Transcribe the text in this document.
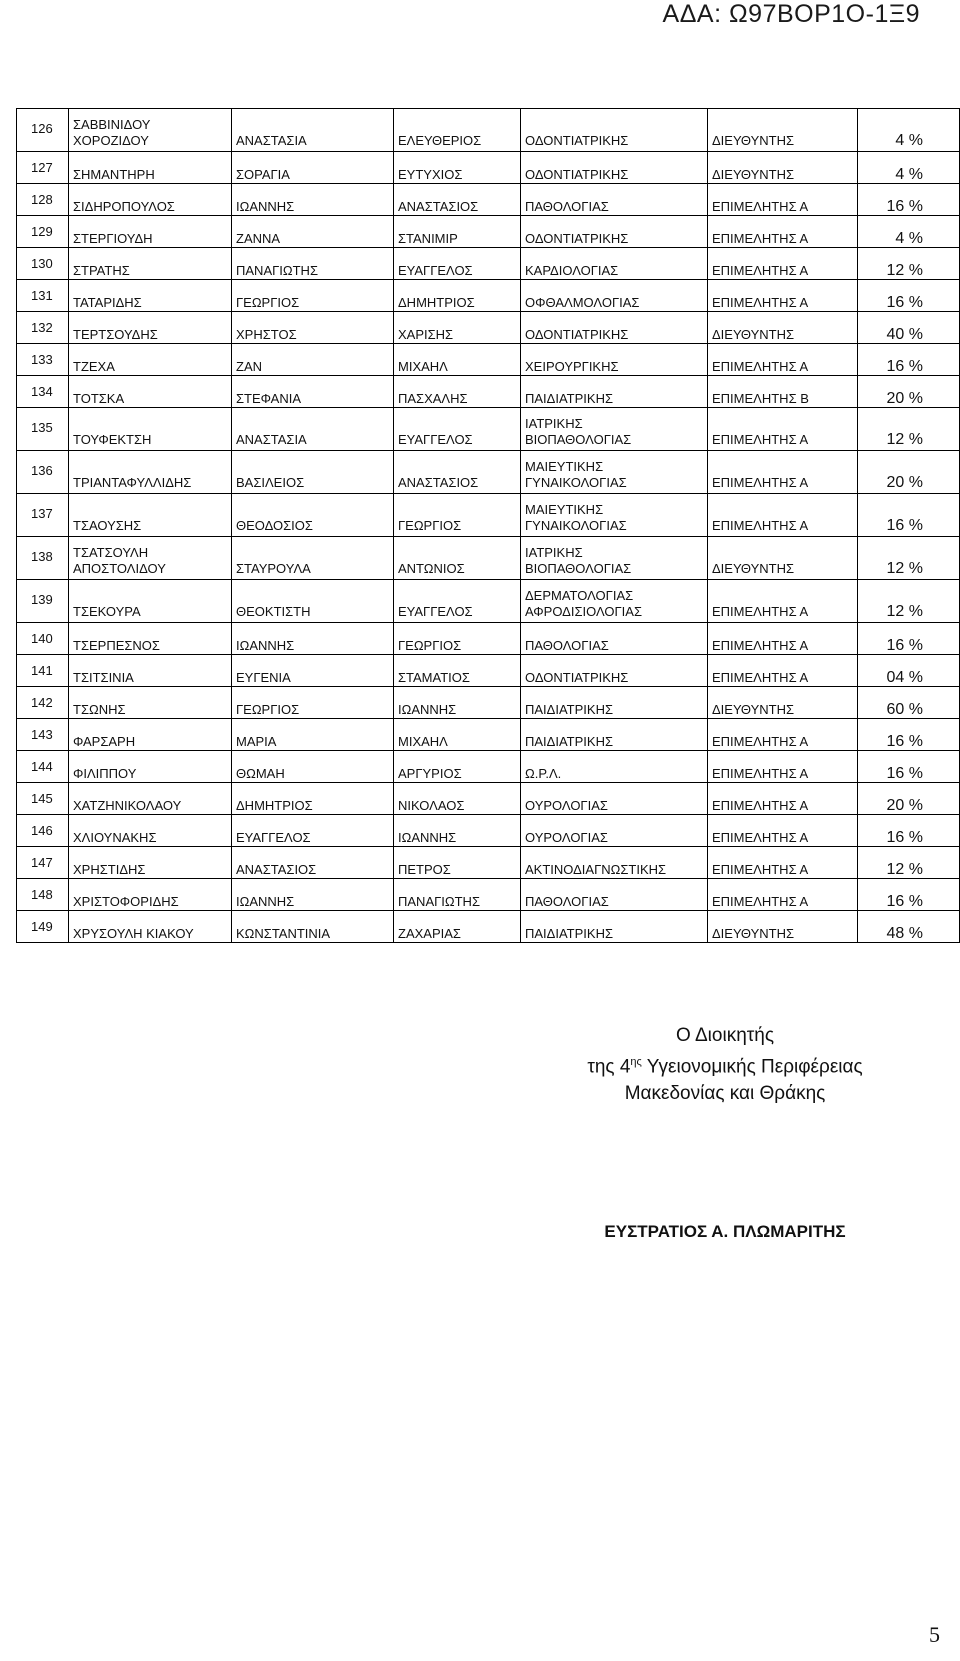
ΑΔΑ: Ω97ΒΟΡ1Ο-1Ξ9
126	ΣΑΒΒΙΝΙΔΟΥ
ΧΟΡΟΖΙΔΟΥ	ΑΝΑΣΤΑΣΙΑ	ΕΛΕΥΘΕΡΙΟΣ	ΟΔΟΝΤΙΑΤΡΙΚΗΣ	ΔΙΕΥΘΥΝΤΗΣ	4 %
127	ΣΗΜΑΝΤΗΡΗ	ΣΟΡΑΓΙΑ	ΕΥΤΥΧΙΟΣ	ΟΔΟΝΤΙΑΤΡΙΚΗΣ	ΔΙΕΥΘΥΝΤΗΣ	4 %
128	ΣΙΔΗΡΟΠΟΥΛΟΣ	ΙΩΑΝΝΗΣ	ΑΝΑΣΤΑΣΙΟΣ	ΠΑΘΟΛΟΓΙΑΣ	ΕΠΙΜΕΛΗΤΗΣ Α	16 %
129	ΣΤΕΡΓΙΟΥΔΗ	ΖΑΝΝΑ	ΣΤΑΝΙΜΙΡ	ΟΔΟΝΤΙΑΤΡΙΚΗΣ	ΕΠΙΜΕΛΗΤΗΣ Α	4 %
130	ΣΤΡΑΤΗΣ	ΠΑΝΑΓΙΩΤΗΣ	ΕΥΑΓΓΕΛΟΣ	ΚΑΡΔΙΟΛΟΓΙΑΣ	ΕΠΙΜΕΛΗΤΗΣ Α	12 %
131	ΤΑΤΑΡΙΔΗΣ	ΓΕΩΡΓΙΟΣ	ΔΗΜΗΤΡΙΟΣ	ΟΦΘΑΛΜΟΛΟΓΙΑΣ	ΕΠΙΜΕΛΗΤΗΣ Α	16 %
132	ΤΕΡΤΣΟΥΔΗΣ	ΧΡΗΣΤΟΣ	ΧΑΡΙΣΗΣ	ΟΔΟΝΤΙΑΤΡΙΚΗΣ	ΔΙΕΥΘΥΝΤΗΣ	40 %
133	ΤΖΕΧΑ	ΖΑΝ	ΜΙΧΑΗΛ	ΧΕΙΡΟΥΡΓΙΚΗΣ	ΕΠΙΜΕΛΗΤΗΣ Α	16 %
134	ΤΟΤΣΚΑ	ΣΤΕΦΑΝΙΑ	ΠΑΣΧΑΛΗΣ	ΠΑΙΔΙΑΤΡΙΚΗΣ	ΕΠΙΜΕΛΗΤΗΣ Β	20 %
135	ΤΟΥΦΕΚΤΣΗ	ΑΝΑΣΤΑΣΙΑ	ΕΥΑΓΓΕΛΟΣ	ΙΑΤΡΙΚΗΣ
ΒΙΟΠΑΘΟΛΟΓΙΑΣ	ΕΠΙΜΕΛΗΤΗΣ Α	12 %
136	ΤΡΙΑΝΤΑΦΥΛΛΙΔΗΣ	ΒΑΣΙΛΕΙΟΣ	ΑΝΑΣΤΑΣΙΟΣ	ΜΑΙΕΥΤΙΚΗΣ
ΓΥΝΑΙΚΟΛΟΓΙΑΣ	ΕΠΙΜΕΛΗΤΗΣ Α	20 %
137	ΤΣΑΟΥΣΗΣ	ΘΕΟΔΟΣΙΟΣ	ΓΕΩΡΓΙΟΣ	ΜΑΙΕΥΤΙΚΗΣ
ΓΥΝΑΙΚΟΛΟΓΙΑΣ	ΕΠΙΜΕΛΗΤΗΣ Α	16 %
138	ΤΣΑΤΣΟΥΛΗ
ΑΠΟΣΤΟΛΙΔΟΥ	ΣΤΑΥΡΟΥΛΑ	ΑΝΤΩΝΙΟΣ	ΙΑΤΡΙΚΗΣ
ΒΙΟΠΑΘΟΛΟΓΙΑΣ	ΔΙΕΥΘΥΝΤΗΣ	12 %
139	ΤΣΕΚΟΥΡΑ	ΘΕΟΚΤΙΣΤΗ	ΕΥΑΓΓΕΛΟΣ	ΔΕΡΜΑΤΟΛΟΓΙΑΣ
ΑΦΡΟΔΙΣΙΟΛΟΓΙΑΣ	ΕΠΙΜΕΛΗΤΗΣ Α	12 %
140	ΤΣΕΡΠΕΣΝΟΣ	ΙΩΑΝΝΗΣ	ΓΕΩΡΓΙΟΣ	ΠΑΘΟΛΟΓΙΑΣ	ΕΠΙΜΕΛΗΤΗΣ Α	16 %
141	ΤΣΙΤΣΙΝΙΑ	ΕΥΓΕΝΙΑ	ΣΤΑΜΑΤΙΟΣ	ΟΔΟΝΤΙΑΤΡΙΚΗΣ	ΕΠΙΜΕΛΗΤΗΣ Α	04 %
142	ΤΣΩΝΗΣ	ΓΕΩΡΓΙΟΣ	ΙΩΑΝΝΗΣ	ΠΑΙΔΙΑΤΡΙΚΗΣ	ΔΙΕΥΘΥΝΤΗΣ	60 %
143	ΦΑΡΣΑΡΗ	ΜΑΡΙΑ	ΜΙΧΑΗΛ	ΠΑΙΔΙΑΤΡΙΚΗΣ	ΕΠΙΜΕΛΗΤΗΣ Α	16 %
144	ΦΙΛΙΠΠΟΥ	ΘΩΜΑΗ	ΑΡΓΥΡΙΟΣ	Ω.Ρ.Λ.	ΕΠΙΜΕΛΗΤΗΣ Α	16 %
145	ΧΑΤΖΗΝΙΚΟΛΑΟΥ	ΔΗΜΗΤΡΙΟΣ	ΝΙΚΟΛΑΟΣ	ΟΥΡΟΛΟΓΙΑΣ	ΕΠΙΜΕΛΗΤΗΣ Α	20 %
146	ΧΛΙΟΥΝΑΚΗΣ	ΕΥΑΓΓΕΛΟΣ	ΙΩΑΝΝΗΣ	ΟΥΡΟΛΟΓΙΑΣ	ΕΠΙΜΕΛΗΤΗΣ Α	16 %
147	ΧΡΗΣΤΙΔΗΣ	ΑΝΑΣΤΑΣΙΟΣ	ΠΕΤΡΟΣ	ΑΚΤΙΝΟΔΙΑΓΝΩΣΤΙΚΗΣ	ΕΠΙΜΕΛΗΤΗΣ Α	12 %
148	ΧΡΙΣΤΟΦΟΡΙΔΗΣ	ΙΩΑΝΝΗΣ	ΠΑΝΑΓΙΩΤΗΣ	ΠΑΘΟΛΟΓΙΑΣ	ΕΠΙΜΕΛΗΤΗΣ Α	16 %
149	ΧΡΥΣΟΥΛΗ ΚΙΑΚΟΥ	ΚΩΝΣΤΑΝΤΙΝΙΑ	ΖΑΧΑΡΙΑΣ	ΠΑΙΔΙΑΤΡΙΚΗΣ	ΔΙΕΥΘΥΝΤΗΣ	48 %
Ο Διοικητής
της $4^{\eta\varsigma}$ Υγειονομικής Περιφέρειας
Μακεδονίας και Θράκης
ΕΥΣΤΡΑΤΙΟΣ Α. ΠΛΩΜΑΡΙΤΗΣ
5
